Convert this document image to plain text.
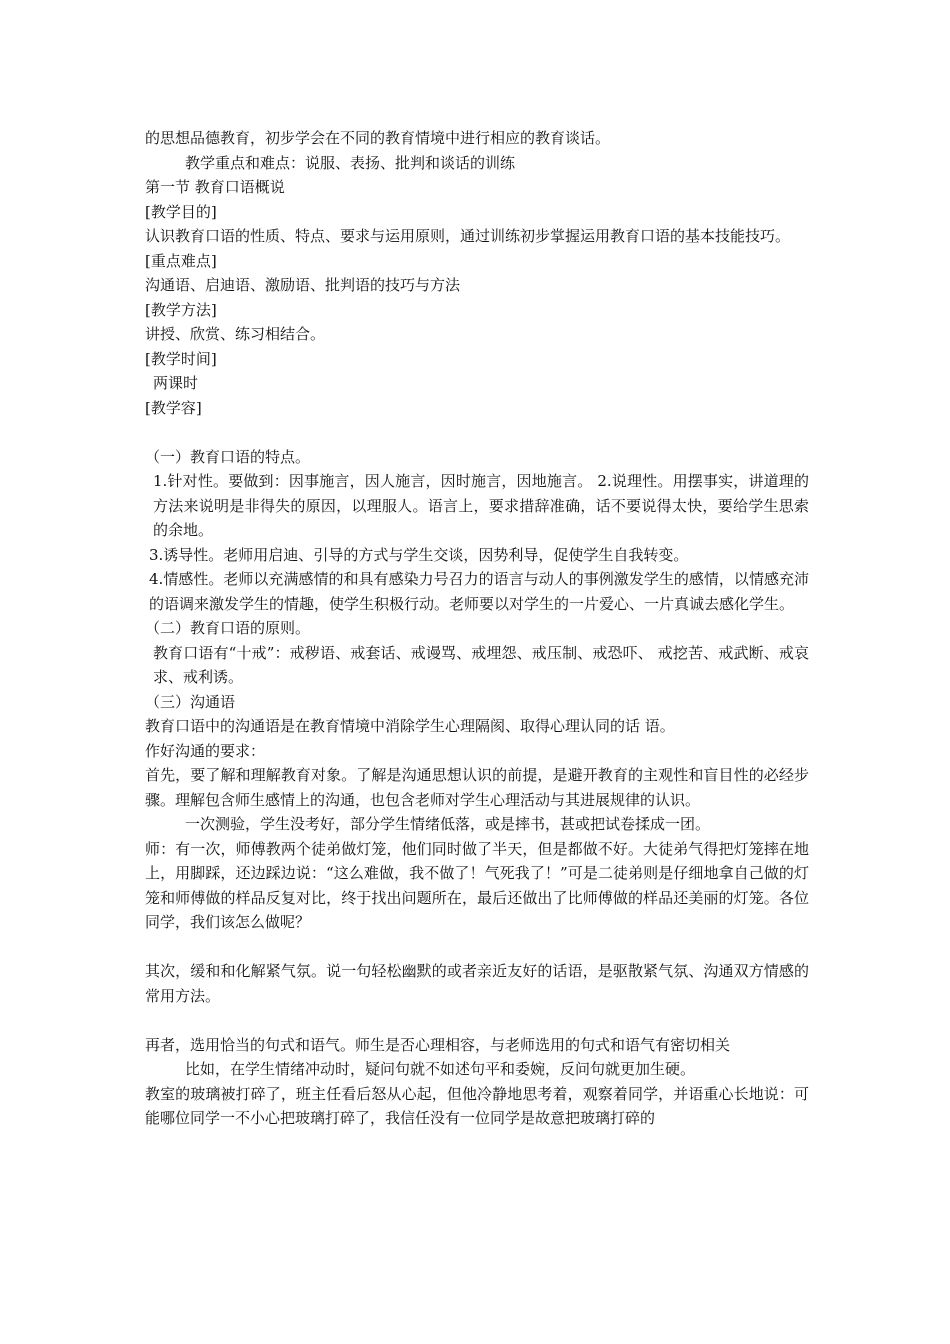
的思想品德教育，初步学会在不同的教育情境中进行相应的教育谈话。

教学重点和难点：说服、表扬、批判和谈话的训练

第一节 教育口语概说

[教学目的]

认识教育口语的性质、特点、要求与运用原则，通过训练初步掌握运用教育口语的基本技能技巧。

[重点难点]

沟通语、启迪语、激励语、批判语的技巧与方法

[教学方法]

讲授、欣赏、练习相结合。

[教学时间]

两课时

[教学容]

（一）教育口语的特点。

1.针对性。要做到：因事施言，因人施言，因时施言，因地施言。 2.说理性。用摆事实，讲道理的方法来说明是非得失的原因，以理服人。语言上，要求措辞准确，话不要说得太快，要给学生思索的余地。

3.诱导性。老师用启迪、引导的方式与学生交谈，因势利导，促使学生自我转变。

4.情感性。老师以充满感情的和具有感染力号召力的语言与动人的事例激发学生的感情，以情感充沛的语调来激发学生的情趣，使学生积极行动。老师要以对学生的一片爱心、一片真诚去感化学生。

（二）教育口语的原则。

教育口语有“十戒”：戒秽语、戒套话、戒谩骂、戒埋怨、戒压制、戒恐吓、 戒挖苦、戒武断、戒哀求、戒利诱。

（三）沟通语

教育口语中的沟通语是在教育情境中消除学生心理隔阂、取得心理认同的话 语。

作好沟通的要求：

首先，要了解和理解教育对象。了解是沟通思想认识的前提，是避开教育的主观性和盲目性的必经步骤。理解包含师生感情上的沟通，也包含老师对学生心理活动与其进展规律的认识。

一次测验，学生没考好，部分学生情绪低落，或是摔书，甚或把试卷揉成一团。

师：有一次，师傅教两个徒弟做灯笼，他们同时做了半天，但是都做不好。大徒弟气得把灯笼摔在地上，用脚踩，还边踩边说：“这么难做，我不做了！气死我了！”可是二徒弟则是仔细地拿自己做的灯笼和师傅做的样品反复对比，终于找出问题所在，最后还做出了比师傅做的样品还美丽的灯笼。各位同学，我们该怎么做呢？

其次，缓和和化解紧气氛。说一句轻松幽默的或者亲近友好的话语，是驱散紧气氛、沟通双方情感的常用方法。

再者，选用恰当的句式和语气。师生是否心理相容，与老师选用的句式和语气有密切相关

比如，在学生情绪冲动时，疑问句就不如述句平和委婉，反问句就更加生硬。

教室的玻璃被打碎了，班主任看后怒从心起，但他冷静地思考着，观察着同学，并语重心长地说：可能哪位同学一不小心把玻璃打碎了，我信任没有一位同学是故意把玻璃打碎的
